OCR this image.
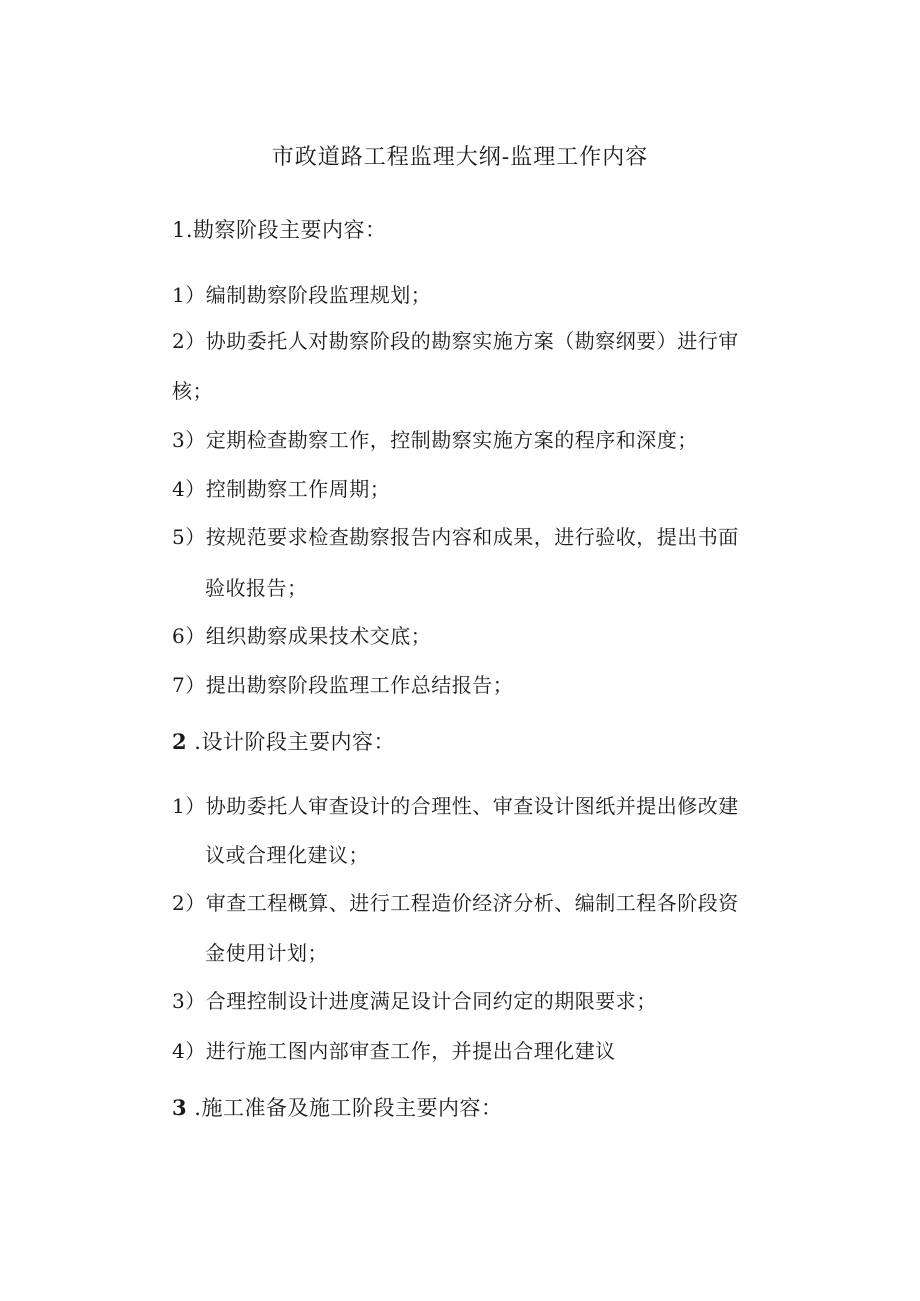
市政道路工程监理大纲-监理工作内容
1.勘察阶段主要内容：
1）编制勘察阶段监理规划；
2）协助委托人对勘察阶段的勘察实施方案（勘察纲要）进行审
核；
3）定期检查勘察工作，控制勘察实施方案的程序和深度；
4）控制勘察工作周期；
5）按规范要求检查勘察报告内容和成果，进行验收，提出书面
验收报告；
6）组织勘察成果技术交底；
7）提出勘察阶段监理工作总结报告；
2 .设计阶段主要内容：
1）协助委托人审查设计的合理性、审查设计图纸并提出修改建
议或合理化建议；
2）审查工程概算、进行工程造价经济分析、编制工程各阶段资
金使用计划；
3）合理控制设计进度满足设计合同约定的期限要求；
4）进行施工图内部审查工作，并提出合理化建议
3 .施工准备及施工阶段主要内容：
